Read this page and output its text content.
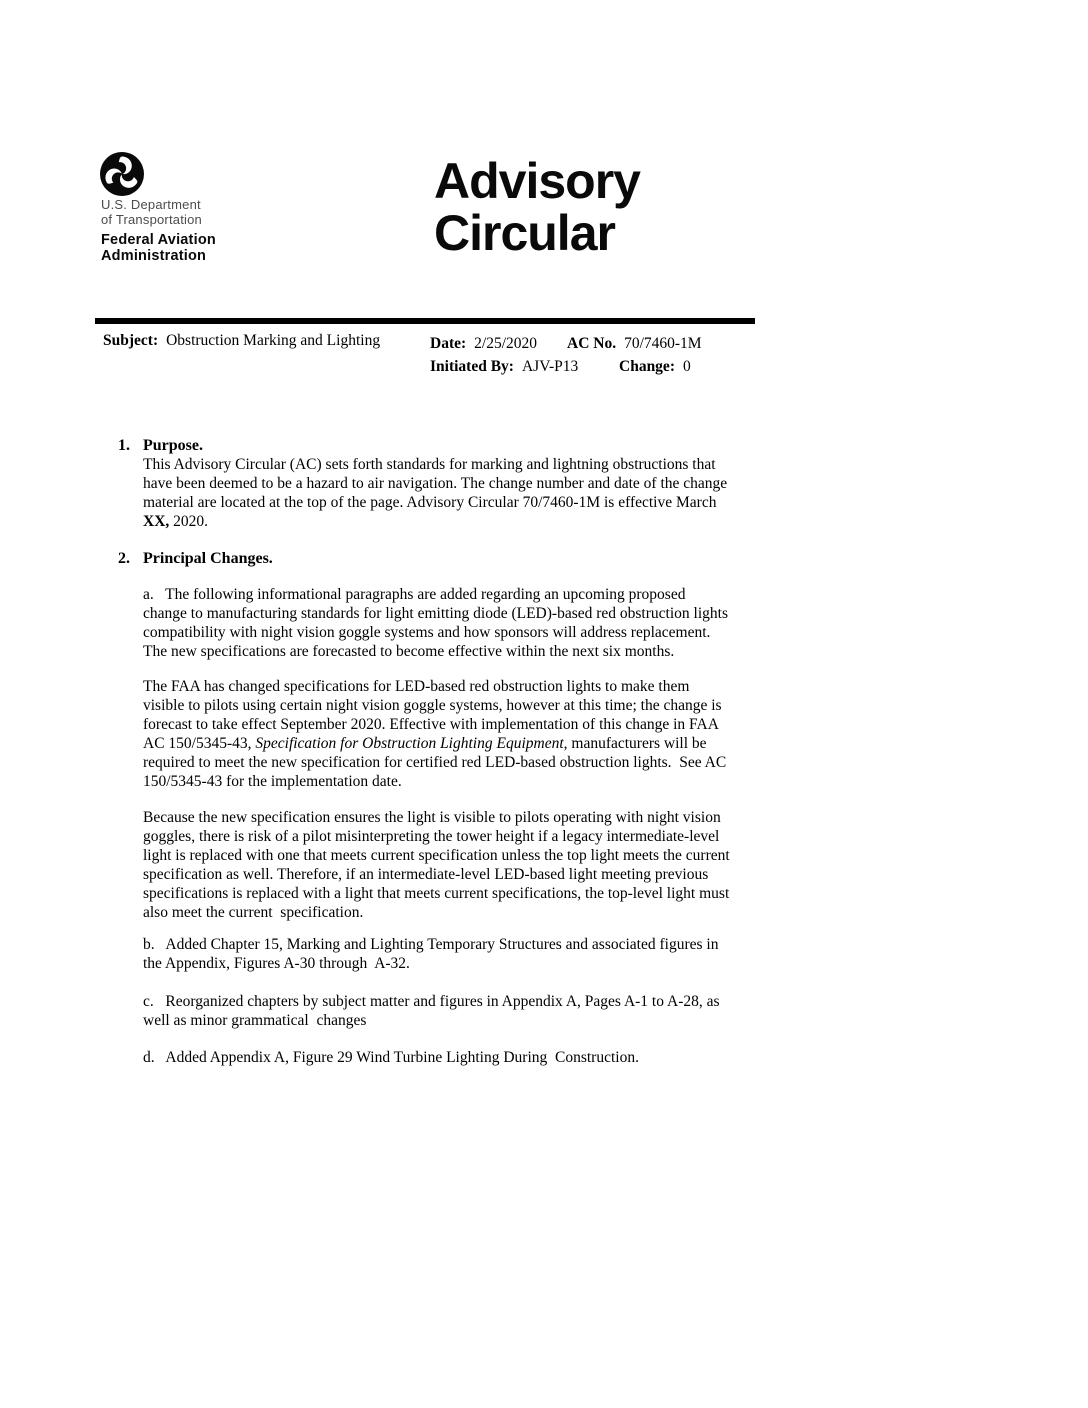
U.S. Department
of Transportation
Federal Aviation
Administration
Advisory
Circular
Subject: Obstruction Marking and Lighting	Date: 2/25/2020 AC No. 70/7460-1M
Initiated By: AJV-P13	Change: 0
1. Purpose.
This Advisory Circular (AC) sets forth standards for marking and lightning obstructions that have been deemed to be a hazard to air navigation. The change number and date of the change material are located at the top of the page. Advisory Circular 70/7460-1M is effective March XX, 2020.
2. Principal Changes.
a.   The following informational paragraphs are added regarding an upcoming proposed change to manufacturing standards for light emitting diode (LED)-based red obstruction lights compatibility with night vision goggle systems and how sponsors will address replacement. The new specifications are forecasted to become effective within the next six months.
The FAA has changed specifications for LED-based red obstruction lights to make them visible to pilots using certain night vision goggle systems, however at this time; the change is forecast to take effect September 2020. Effective with implementation of this change in FAA AC 150/5345-43, Specification for Obstruction Lighting Equipment, manufacturers will be required to meet the new specification for certified red LED-based obstruction lights.  See AC 150/5345-43 for the implementation date.
Because the new specification ensures the light is visible to pilots operating with night vision goggles, there is risk of a pilot misinterpreting the tower height if a legacy intermediate-level light is replaced with one that meets current specification unless the top light meets the current specification as well. Therefore, if an intermediate-level LED-based light meeting previous specifications is replaced with a light that meets current specifications, the top-level light must also meet the current  specification.
b.   Added Chapter 15, Marking and Lighting Temporary Structures and associated figures in the Appendix, Figures A-30 through  A-32.
c.   Reorganized chapters by subject matter and figures in Appendix A, Pages A-1 to A-28, as well as minor grammatical  changes
d.   Added Appendix A, Figure 29 Wind Turbine Lighting During  Construction.
